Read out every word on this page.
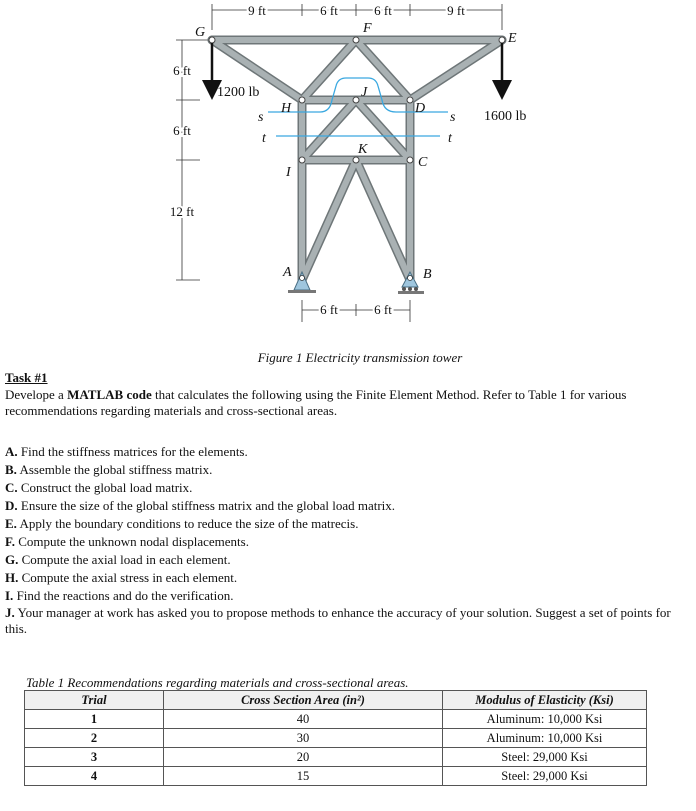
9 ft	6 ft	6 ft	9 ft
6 ft
6 ft
12 ft
6 ft	6 ft
1200 lb
1600 lb
G	F
E
J
H	D
K
C
I
A	B
s
t
s
t
Figure 1 Electricity transmission tower
Task #1
Develope a MATLAB code that calculates the following using the Finite Element Method. Refer to Table 1 for various recommendations regarding materials and cross-sectional areas.

A. Find the stiffness matrices for the elements.

B. Assemble the global stiffness matrix.

C. Construct the global load matrix.

D. Ensure the size of the global stiffness matrix and the global load matrix.

E. Apply the boundary conditions to reduce the size of the matrecis.

F. Compute the unknown nodal displacements.

G. Compute the axial load in each element.

H. Compute the axial stress in each element.

I. Find the reactions and do the verification.

J. Your manager at work has asked you to propose methods to enhance the accuracy of your solution. Suggest a set of points for this.

Table 1 Recommendations regarding materials and cross-sectional areas.
Trial	Cross Section Area (in²)	Modulus of Elasticity (Ksi)
1	40	Aluminum: 10,000 Ksi
2	30	Aluminum: 10,000 Ksi
3	20	Steel: 29,000 Ksi
4	15	Steel: 29,000 Ksi
